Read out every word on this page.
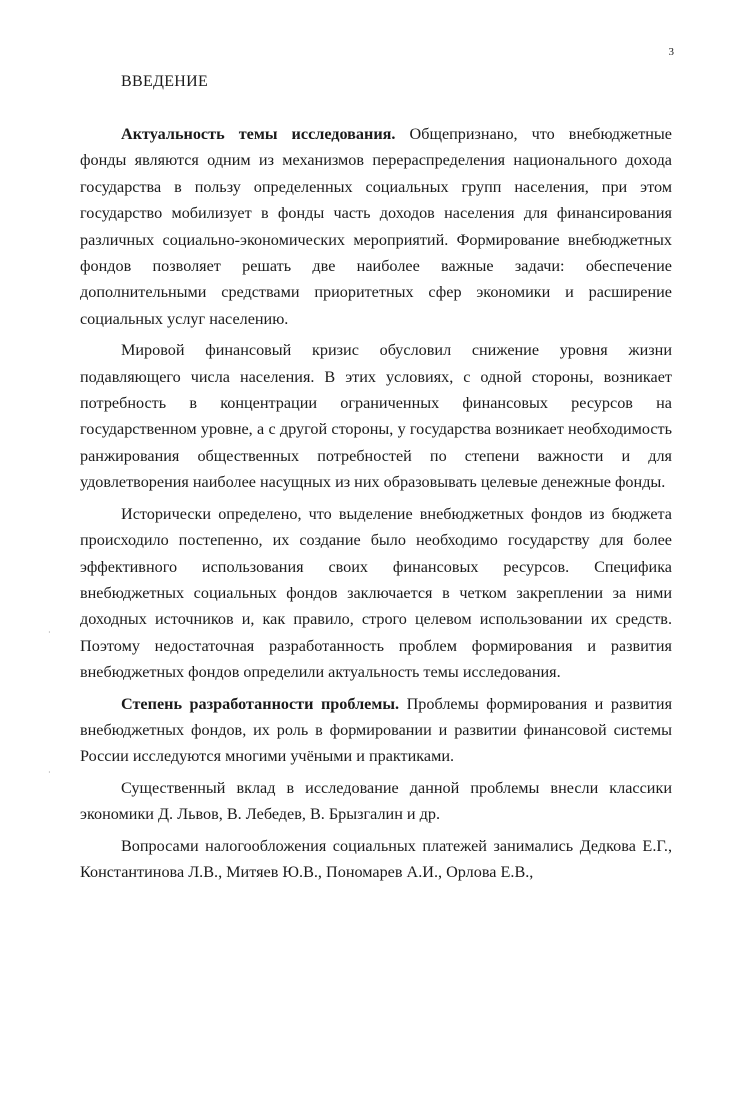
3
ВВЕДЕНИЕ

Актуальность темы исследования. Общепризнано, что внебюджетные фонды являются одним из механизмов перераспределения национального дохода государства в пользу определенных социальных групп населения, при этом государство мобилизует в фонды часть доходов населения для финансирования различных социально-экономических мероприятий. Формирование внебюджетных фондов позволяет решать две наиболее важные задачи: обеспечение дополнительными средствами приоритетных сфер экономики и расширение социальных услуг населению.

Мировой финансовый кризис обусловил снижение уровня жизни подавляющего числа населения. В этих условиях, с одной стороны, возникает потребность в концентрации ограниченных финансовых ресурсов на государственном уровне, а с другой стороны, у государства возникает необходимость ранжирования общественных потребностей по степени важности и для удовлетворения наиболее насущных из них образовывать целевые денежные фонды.

Исторически определено, что выделение внебюджетных фондов из бюджета происходило постепенно, их создание было необходимо государству для более эффективного использования своих финансовых ресурсов. Специфика внебюджетных социальных фондов заключается в четком закреплении за ними доходных источников и, как правило, строго целевом использовании их средств. Поэтому недостаточная разработанность проблем формирования и развития внебюджетных фондов определили актуальность темы исследования.

Степень разработанности проблемы. Проблемы формирования и развития внебюджетных фондов, их роль в формировании и развитии финансовой системы России исследуются многими учёными и практиками.

Существенный вклад в исследование данной проблемы внесли классики экономики Д. Львов, В. Лебедев, В. Брызгалин и др.

Вопросами налогообложения социальных платежей занимались Дедкова Е.Г., Константинова Л.В., Митяев Ю.В., Пономарев А.И., Орлова Е.В.,

·
·
